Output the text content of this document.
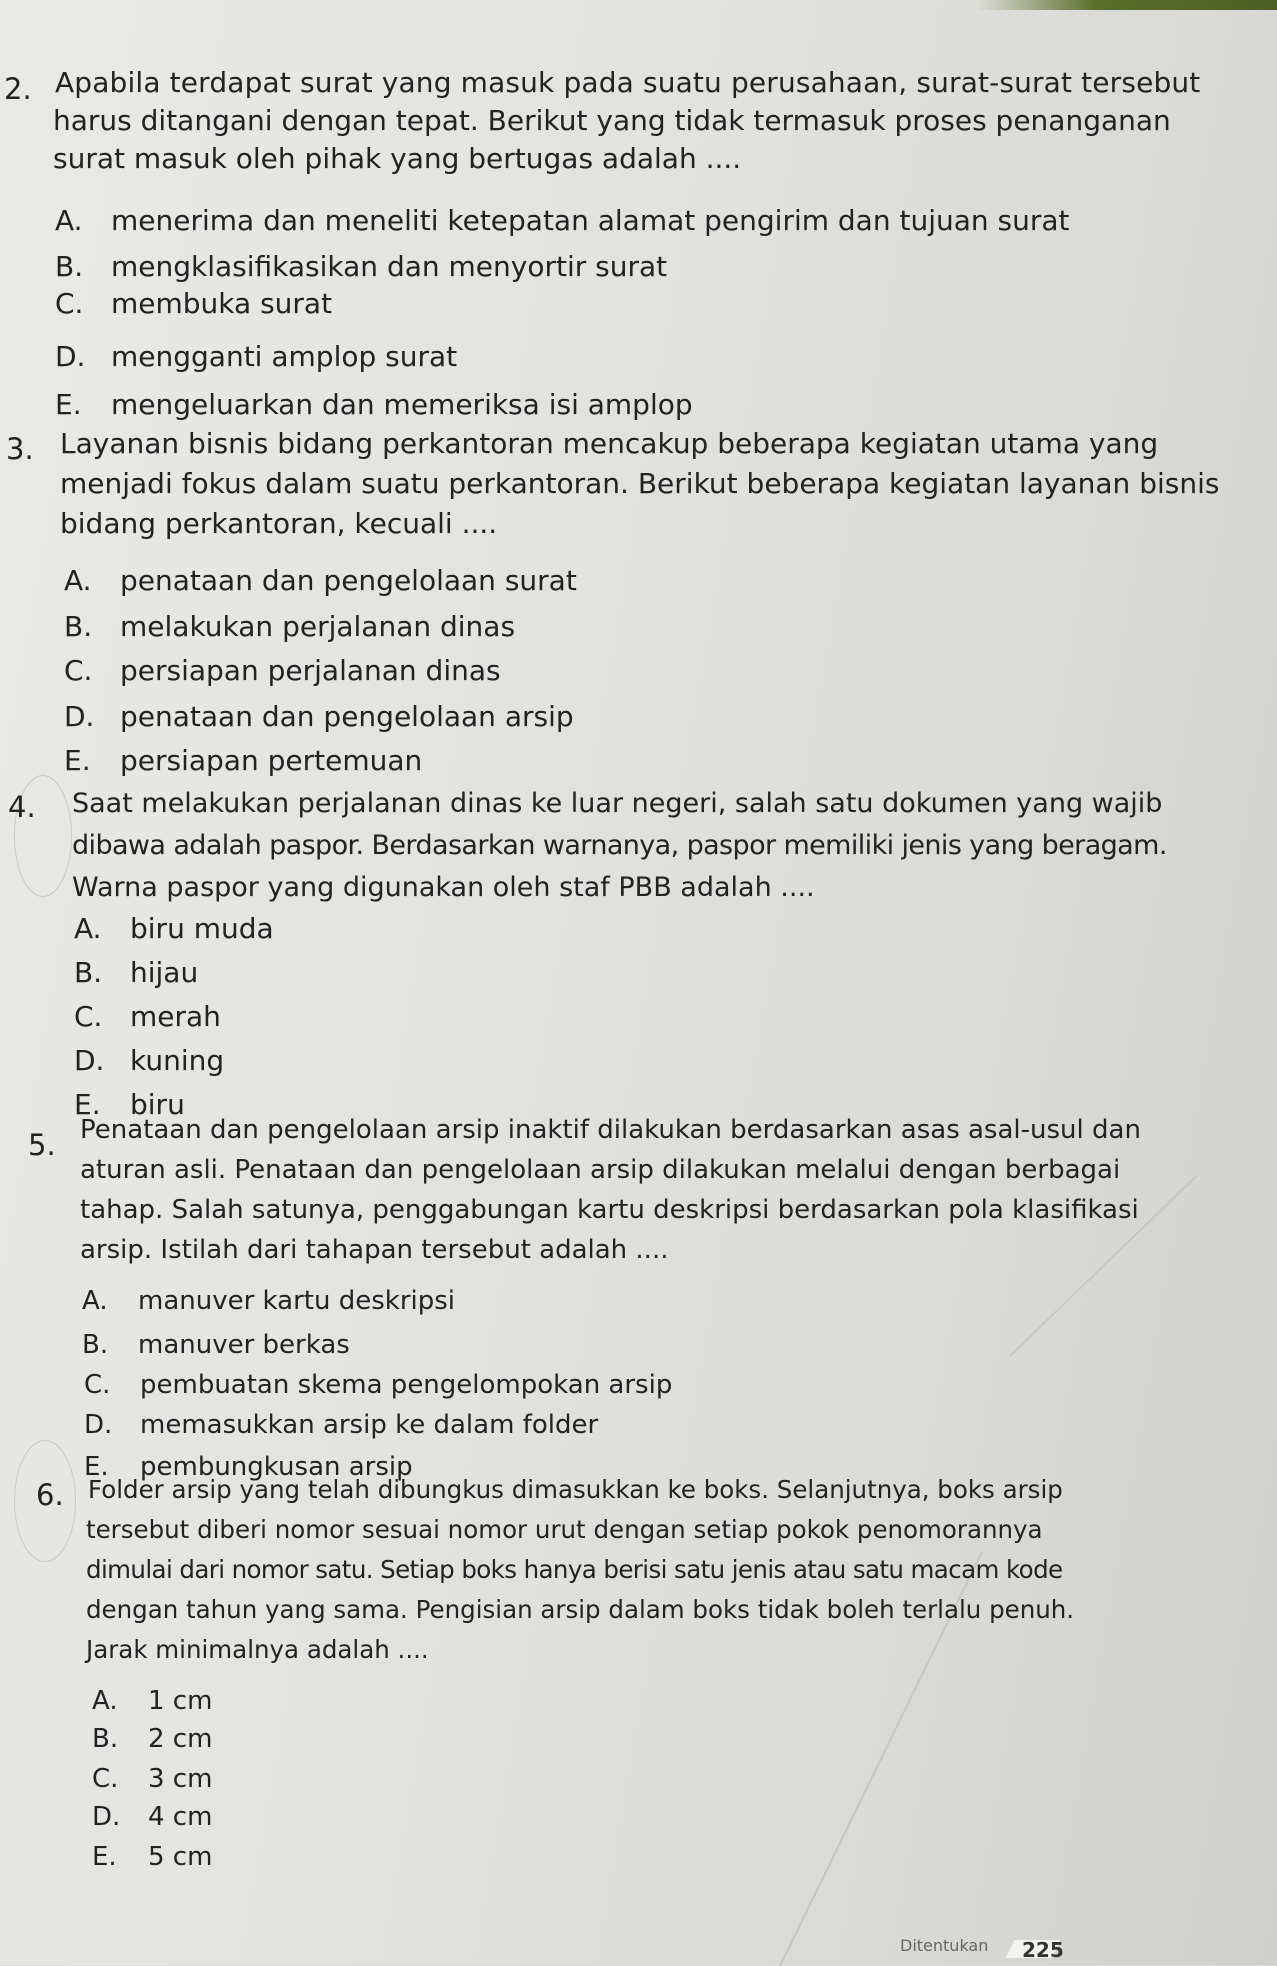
2. Apabila terdapat surat yang masuk pada suatu perusahaan, surat-surat tersebut
harus ditangani dengan tepat. Berikut yang tidak termasuk proses penanganan
surat masuk oleh pihak yang bertugas adalah ....
A. menerima dan meneliti ketepatan alamat pengirim dan tujuan surat
B. mengklasifikasikan dan menyortir surat
C. membuka surat
D. mengganti amplop surat
E. mengeluarkan dan memeriksa isi amplop
3. Layanan bisnis bidang perkantoran mencakup beberapa kegiatan utama yang
menjadi fokus dalam suatu perkantoran. Berikut beberapa kegiatan layanan bisnis
bidang perkantoran, kecuali ....
A. penataan dan pengelolaan surat
B. melakukan perjalanan dinas
C. persiapan perjalanan dinas
D. penataan dan pengelolaan arsip
E. persiapan pertemuan
4. Saat melakukan perjalanan dinas ke luar negeri, salah satu dokumen yang wajib
dibawa adalah paspor. Berdasarkan warnanya, paspor memiliki jenis yang beragam.
Warna paspor yang digunakan oleh staf PBB adalah ....
A. biru muda
B. hijau
C. merah
D. kuning
E. biru
5. Penataan dan pengelolaan arsip inaktif dilakukan berdasarkan asas asal-usul dan
aturan asli. Penataan dan pengelolaan arsip dilakukan melalui dengan berbagai
tahap. Salah satunya, penggabungan kartu deskripsi berdasarkan pola klasifikasi
arsip. Istilah dari tahapan tersebut adalah ....
A. manuver kartu deskripsi
B. manuver berkas
C. pembuatan skema pengelompokan arsip
D. memasukkan arsip ke dalam folder
E. pembungkusan arsip
6. Folder arsip yang telah dibungkus dimasukkan ke boks. Selanjutnya, boks arsip
tersebut diberi nomor sesuai nomor urut dengan setiap pokok penomorannya
dimulai dari nomor satu. Setiap boks hanya berisi satu jenis atau satu macam kode
dengan tahun yang sama. Pengisian arsip dalam boks tidak boleh terlalu penuh.
Jarak minimalnya adalah ....
A. 1 cm
B. 2 cm
C. 3 cm
D. 4 cm
E. 5 cm
Ditentukan 225
